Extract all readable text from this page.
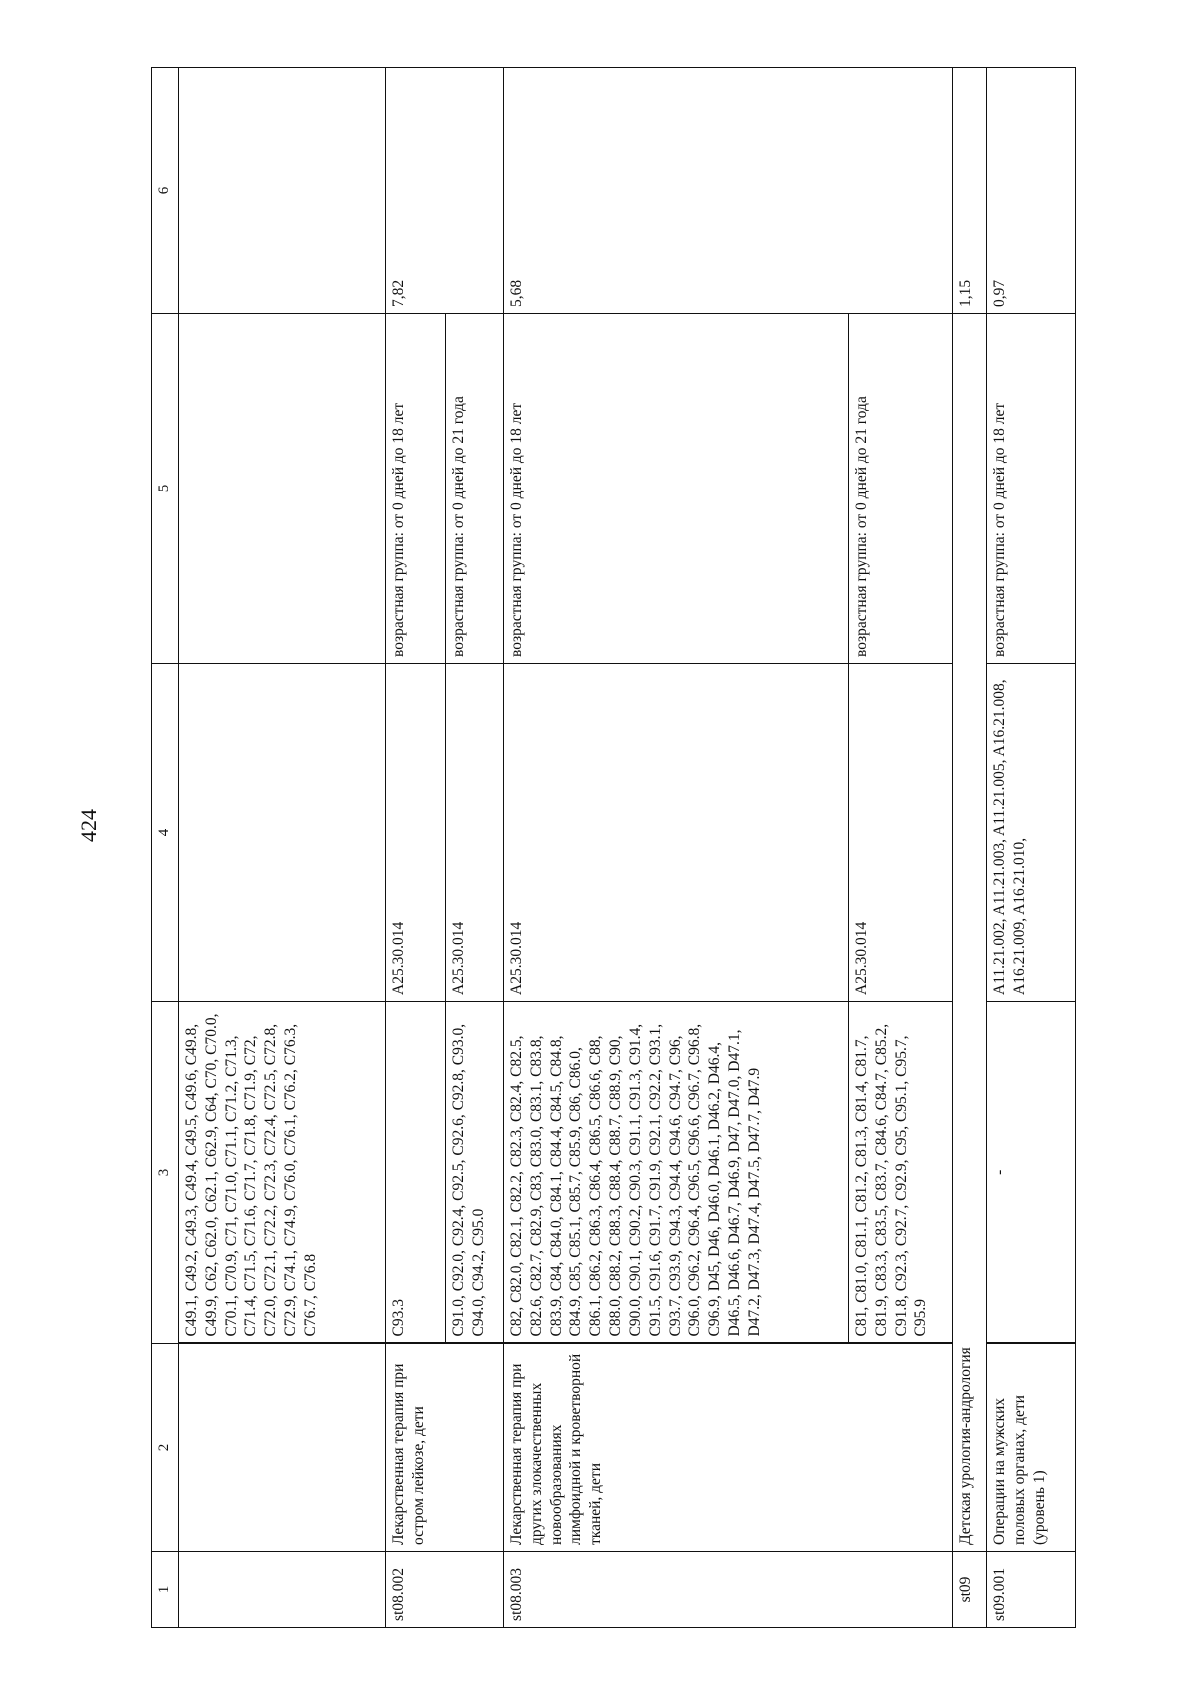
424
1	2	3	4	5	6
		C49.1, C49.2, C49.3, C49.4, C49.5, C49.6, C49.8, C49.9, C62, C62.0, C62.1, C62.9, C64, C70, C70.0, C70.1, C70.9, C71, C71.0, C71.1, C71.2, C71.3, C71.4, C71.5, C71.6, C71.7, C71.8, C71.9, C72, C72.0, C72.1, C72.2, C72.3, C72.4, C72.5, C72.8, C72.9, C74.1, C74.9, C76.0, C76.1, C76.2, C76.3, C76.7, C76.8			
st08.002	Лекарственная терапия при остром лейкозе, дети	C93.3	A25.30.014	возрастная группа: от 0 дней до 18 лет	7,82
		C91.0, C92.0, C92.4, C92.5, C92.6, C92.8, C93.0, C94.0, C94.2, C95.0	A25.30.014	возрастная группа: от 0 дней до 21 года	
st08.003	Лекарственная терапия при других злокачественных новообразованиях лимфоидной и кроветворной тканей, дети	C82, C82.0, C82.1, C82.2, C82.3, C82.4, C82.5, C82.6, C82.7, C82.9, C83, C83.0, C83.1, C83.8, C83.9, C84, C84.0, C84.1, C84.4, C84.5, C84.8, C84.9, C85, C85.1, C85.7, C85.9, C86, C86.0, C86.1, C86.2, C86.3, C86.4, C86.5, C86.6, C88, C88.0, C88.2, C88.3, C88.4, C88.7, C88.9, C90, C90.0, C90.1, C90.2, C90.3, C91.1, C91.3, C91.4, C91.5, C91.6, C91.7, C91.9, C92.1, C92.2, C93.1, C93.7, C93.9, C94.3, C94.4, C94.6, C94.7, C96, C96.0, C96.2, C96.4, C96.5, C96.6, C96.7, C96.8, C96.9, D45, D46, D46.0, D46.1, D46.2, D46.4, D46.5, D46.6, D46.7, D46.9, D47, D47.0, D47.1, D47.2, D47.3, D47.4, D47.5, D47.7, D47.9	A25.30.014	возрастная группа: от 0 дней до 18 лет	5,68
		C81, C81.0, C81.1, C81.2, C81.3, C81.4, C81.7, C81.9, C83.3, C83.5, C83.7, C84.6, C84.7, C85.2, C91.8, C92.3, C92.7, C92.9, C95, C95.1, C95.7, C95.9	A25.30.014	возрастная группа: от 0 дней до 21 года	
st09	Детская урология-андрология				1,15
st09.001	Операции на мужских половых органах, дети (уровень 1)	-	A11.21.002, A11.21.003, A11.21.005, A16.21.008, A16.21.009, A16.21.010,	возрастная группа: от 0 дней до 18 лет	0,97
